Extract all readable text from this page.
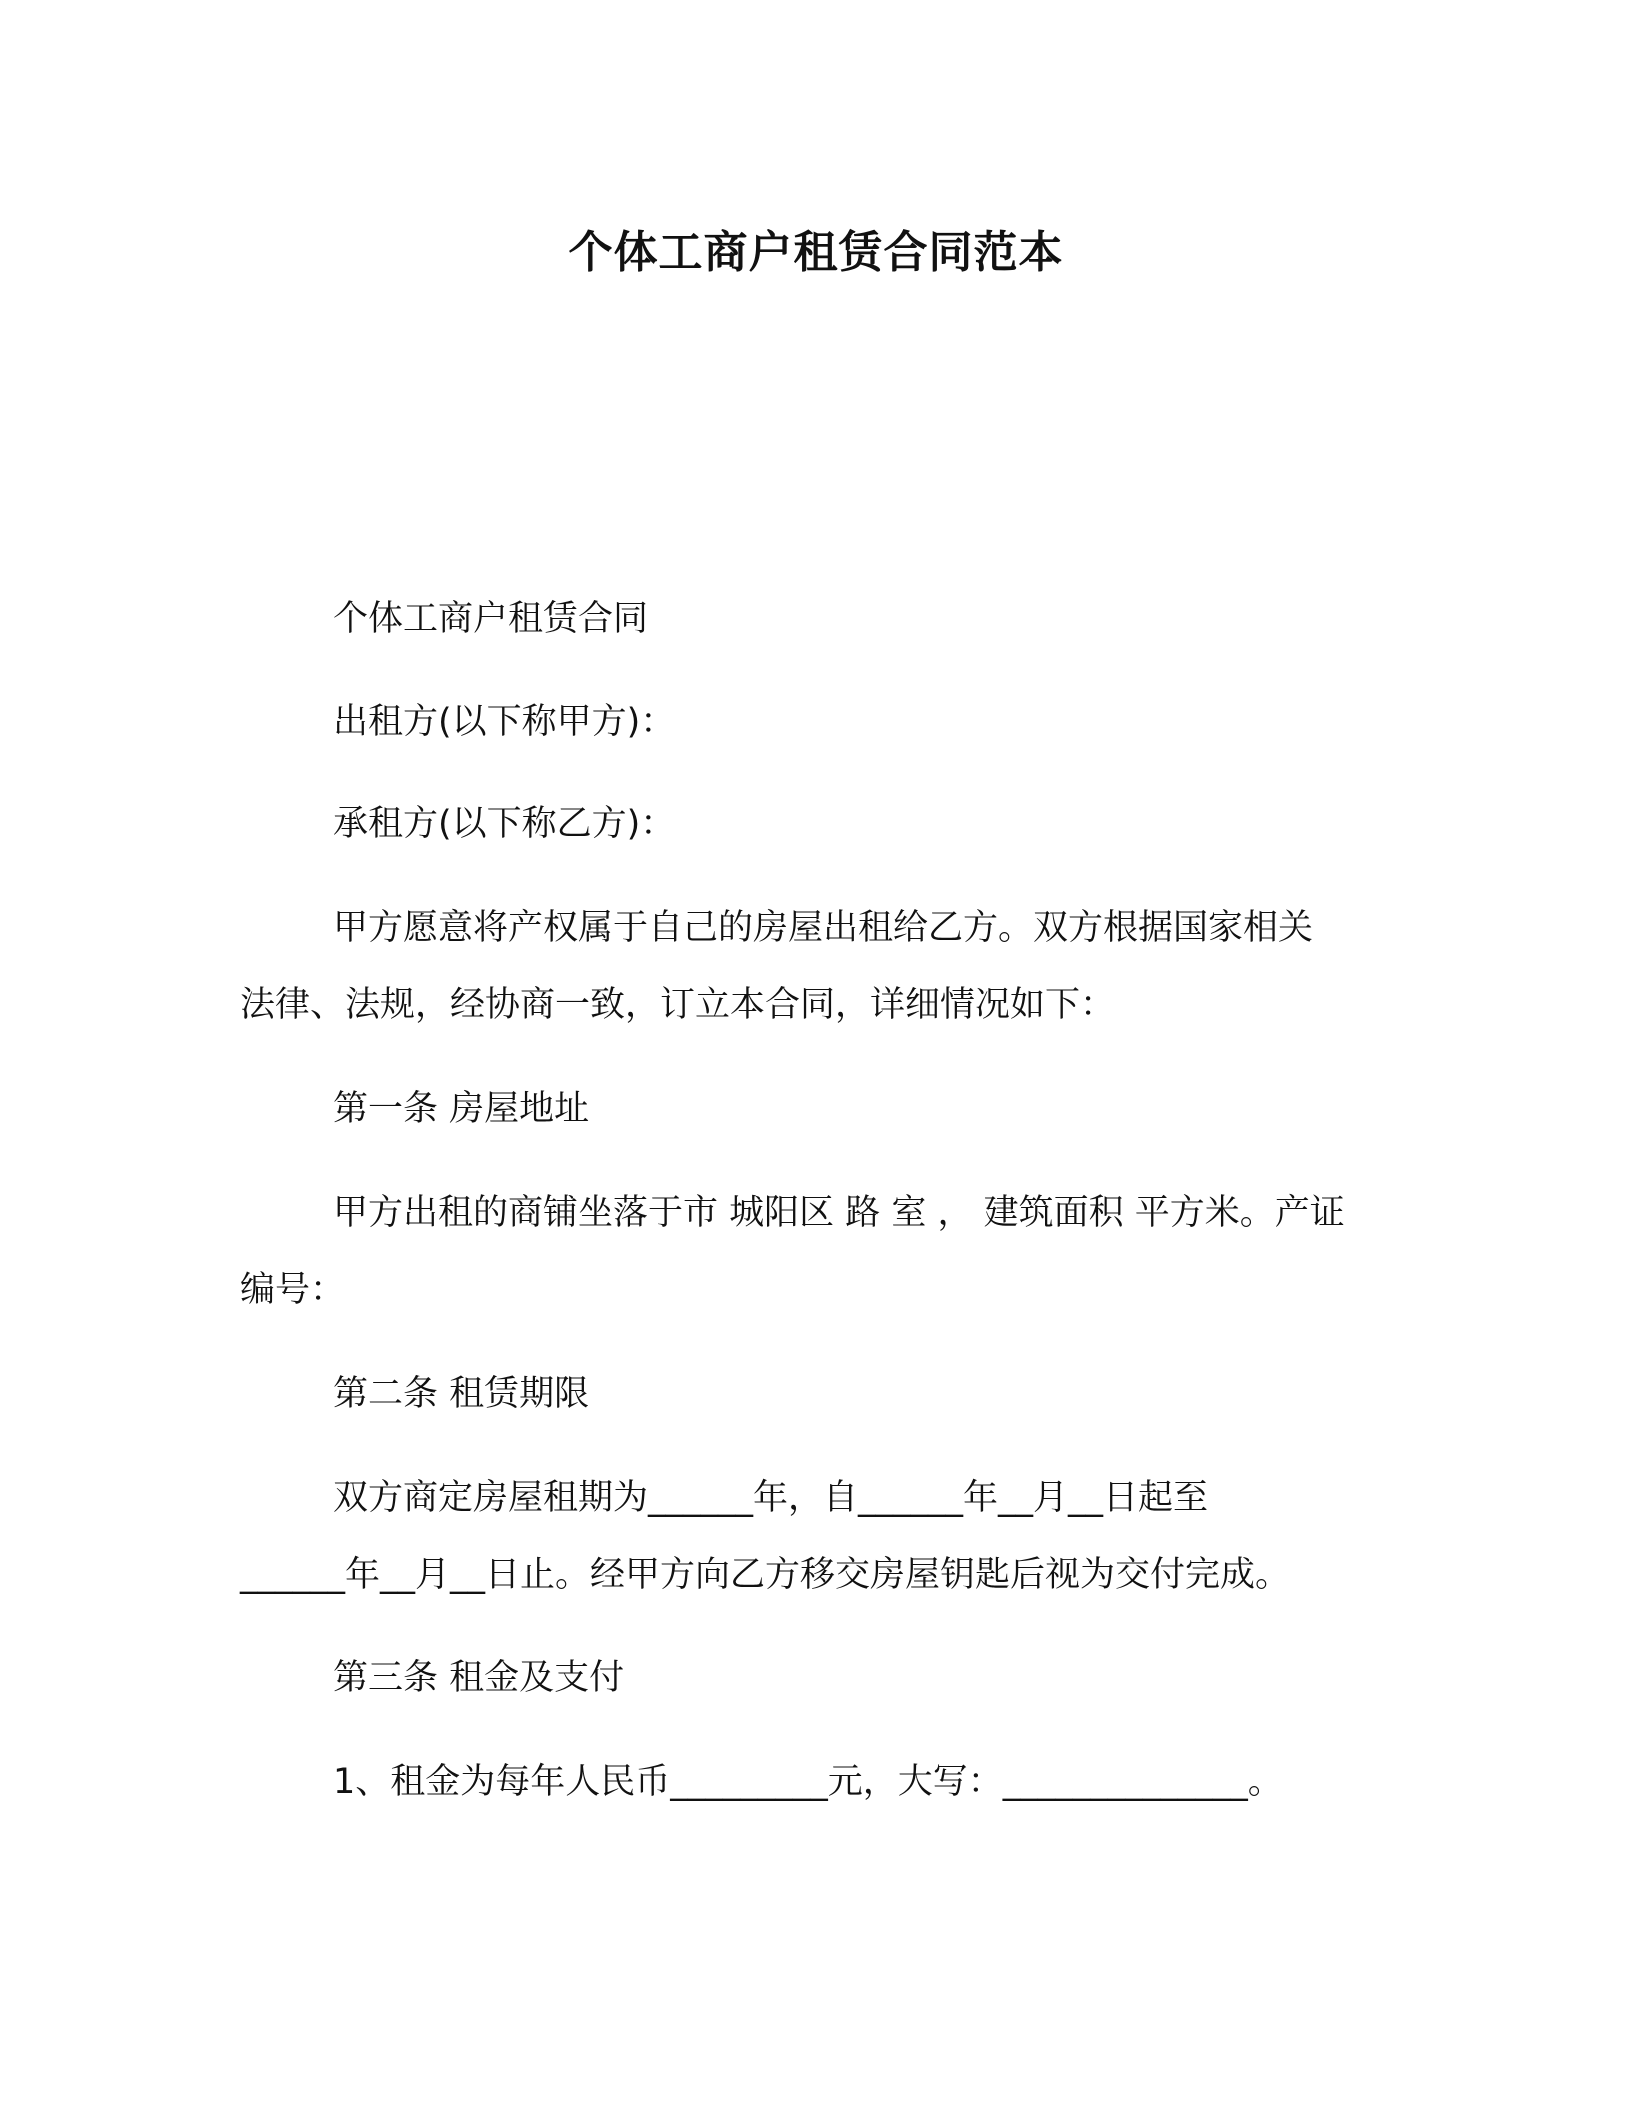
个体工商户租赁合同范本
个体工商户租赁合同
出租方(以下称甲方)：
承租方(以下称乙方)：
甲方愿意将产权属于自己的房屋出租给乙方。双方根据国家相关
法律、法规，经协商一致，订立本合同，详细情况如下：
第一条 房屋地址
甲方出租的商铺坐落于市 城阳区 路 室 ， 建筑面积 平方米。产证
编号：
第二条 租赁期限
双方商定房屋租期为______年，自______年__月__日起至
______年__月__日止。经甲方向乙方移交房屋钥匙后视为交付完成。
第三条 租金及支付
1、租金为每年人民币_________元，大写：______________。
